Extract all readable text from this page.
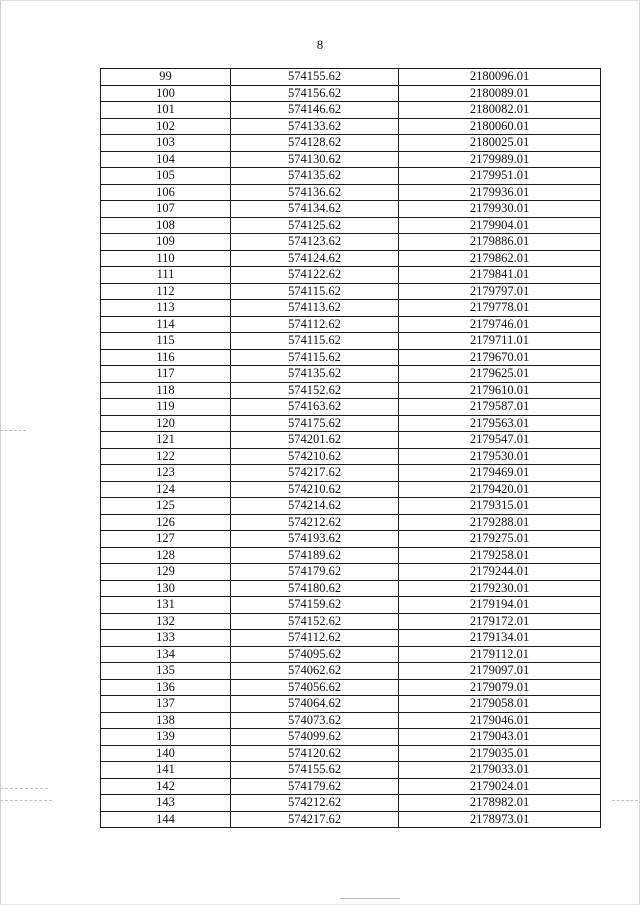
8
99	574155.62	2180096.01
100	574156.62	2180089.01
101	574146.62	2180082.01
102	574133.62	2180060.01
103	574128.62	2180025.01
104	574130.62	2179989.01
105	574135.62	2179951.01
106	574136.62	2179936.01
107	574134.62	2179930.01
108	574125.62	2179904.01
109	574123.62	2179886.01
110	574124.62	2179862.01
111	574122.62	2179841.01
112	574115.62	2179797.01
113	574113.62	2179778.01
114	574112.62	2179746.01
115	574115.62	2179711.01
116	574115.62	2179670.01
117	574135.62	2179625.01
118	574152.62	2179610.01
119	574163.62	2179587.01
120	574175.62	2179563.01
121	574201.62	2179547.01
122	574210.62	2179530.01
123	574217.62	2179469.01
124	574210.62	2179420.01
125	574214.62	2179315.01
126	574212.62	2179288.01
127	574193.62	2179275.01
128	574189.62	2179258.01
129	574179.62	2179244.01
130	574180.62	2179230.01
131	574159.62	2179194.01
132	574152.62	2179172.01
133	574112.62	2179134.01
134	574095.62	2179112.01
135	574062.62	2179097.01
136	574056.62	2179079.01
137	574064.62	2179058.01
138	574073.62	2179046.01
139	574099.62	2179043.01
140	574120.62	2179035.01
141	574155.62	2179033.01
142	574179.62	2179024.01
143	574212.62	2178982.01
144	574217.62	2178973.01
